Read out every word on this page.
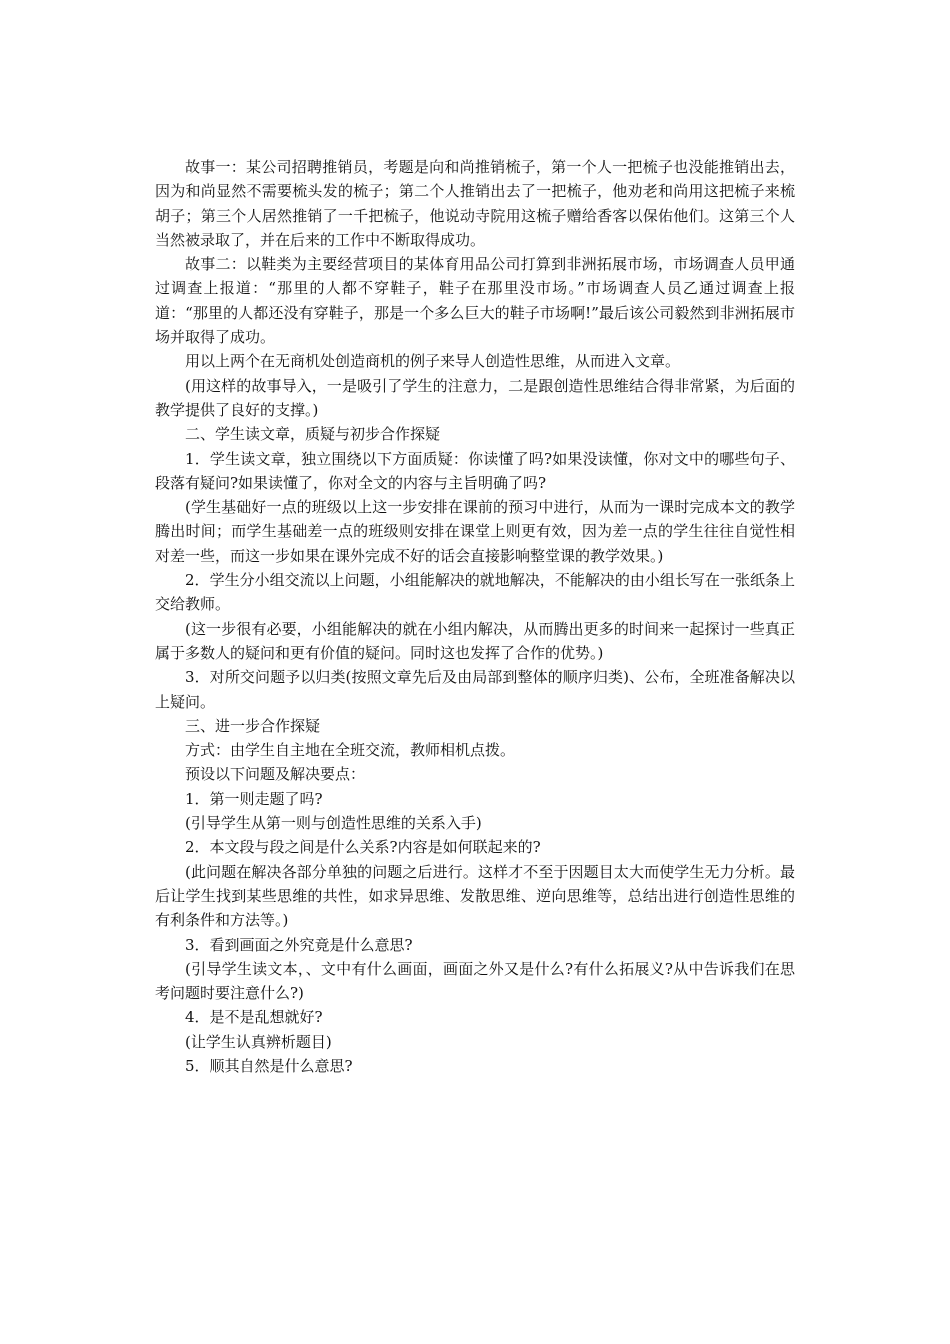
故事一：某公司招聘推销员，考题是向和尚推销梳子，第一个人一把梳子也没能推销出去，因为和尚显然不需要梳头发的梳子；第二个人推销出去了一把梳子，他劝老和尚用这把梳子来梳胡子；第三个人居然推销了一千把梳子，他说动寺院用这梳子赠给香客以保佑他们。这第三个人当然被录取了，并在后来的工作中不断取得成功。

故事二：以鞋类为主要经营项目的某体育用品公司打算到非洲拓展市场，市场调查人员甲通过调查上报道：“那里的人都不穿鞋子，鞋子在那里没市场。”市场调查人员乙通过调查上报道：“那里的人都还没有穿鞋子，那是一个多么巨大的鞋子市场啊!”最后该公司毅然到非洲拓展市场并取得了成功。

用以上两个在无商机处创造商机的例子来导人创造性思维，从而进入文章。

(用这样的故事导入，一是吸引了学生的注意力，二是跟创造性思维结合得非常紧，为后面的教学提供了良好的支撑。)

二、学生读文章，质疑与初步合作探疑

1．学生读文章，独立围绕以下方面质疑：你读懂了吗?如果没读懂，你对文中的哪些句子、段落有疑问?如果读懂了，你对全文的内容与主旨明确了吗?

(学生基础好一点的班级以上这一步安排在课前的预习中进行，从而为一课时完成本文的教学腾出时间；而学生基础差一点的班级则安排在课堂上则更有效，因为差一点的学生往往自觉性相对差一些，而这一步如果在课外完成不好的话会直接影响整堂课的教学效果。)

2．学生分小组交流以上问题，小组能解决的就地解决，不能解决的由小组长写在一张纸条上交给教师。

(这一步很有必要，小组能解决的就在小组内解决，从而腾出更多的时间来一起探讨一些真正属于多数人的疑问和更有价值的疑问。同时这也发挥了合作的优势。)

3．对所交问题予以归类(按照文章先后及由局部到整体的顺序归类)、公布，全班准备解决以上疑问。

三、进一步合作探疑

方式：由学生自主地在全班交流，教师相机点拨。

预设以下问题及解决要点：

1．第一则走题了吗?

(引导学生从第一则与创造性思维的关系入手)

2．本文段与段之间是什么关系?内容是如何联起来的?

(此问题在解决各部分单独的问题之后进行。这样才不至于因题目太大而使学生无力分析。最后让学生找到某些思维的共性，如求异思维、发散思维、逆向思维等，总结出进行创造性思维的有利条件和方法等。)

3．看到画面之外究竟是什么意思?

(引导学生读文本，、文中有什么画面，画面之外又是什么?有什么拓展义?从中告诉我们在思考问题时要注意什么?)

4．是不是乱想就好?

(让学生认真辨析题目)

5．顺其自然是什么意思?
